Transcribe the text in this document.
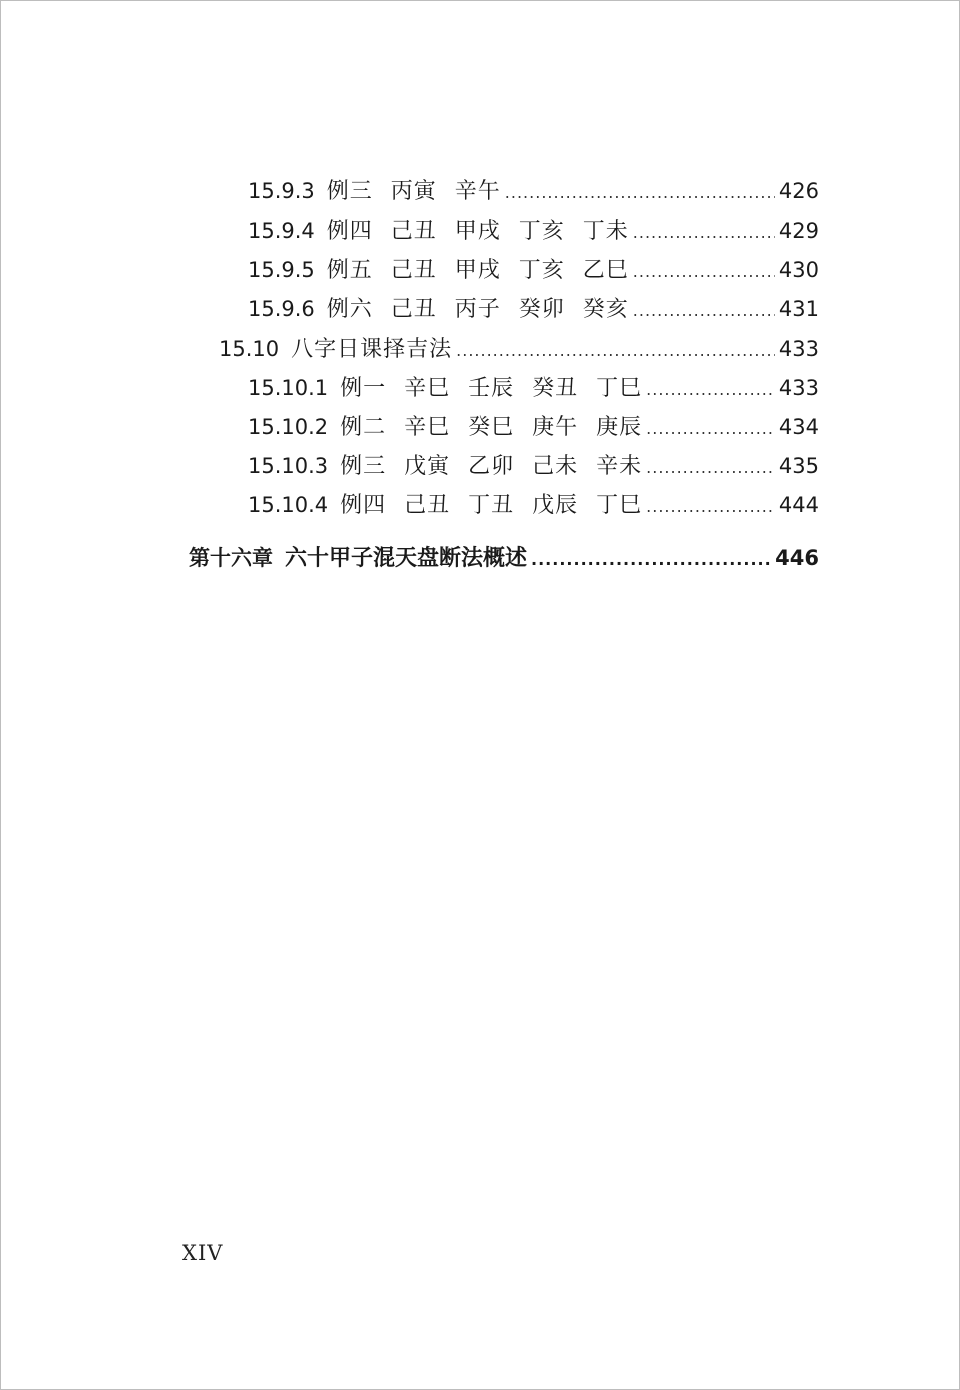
15.9.3 例三 丙寅 辛午 .....	426
15.9.4 例四 己丑 甲戌 丁亥 丁未 .....	429
15.9.5 例五 己丑 甲戌 丁亥 乙巳 .....	430
15.9.6 例六 己丑 丙子 癸卯 癸亥 .....	431
15.10 八字日课择吉法 .....	433
15.10.1 例一 辛巳 壬辰 癸丑 丁巳 .....	433
15.10.2 例二 辛巳 癸巳 庚午 庚辰 .....	434
15.10.3 例三 戊寅 乙卯 己未 辛未 .....	435
15.10.4 例四 己丑 丁丑 戊辰 丁巳 .....	444
第十六章 六十甲子混天盘断法概述 .....	446
XIV
